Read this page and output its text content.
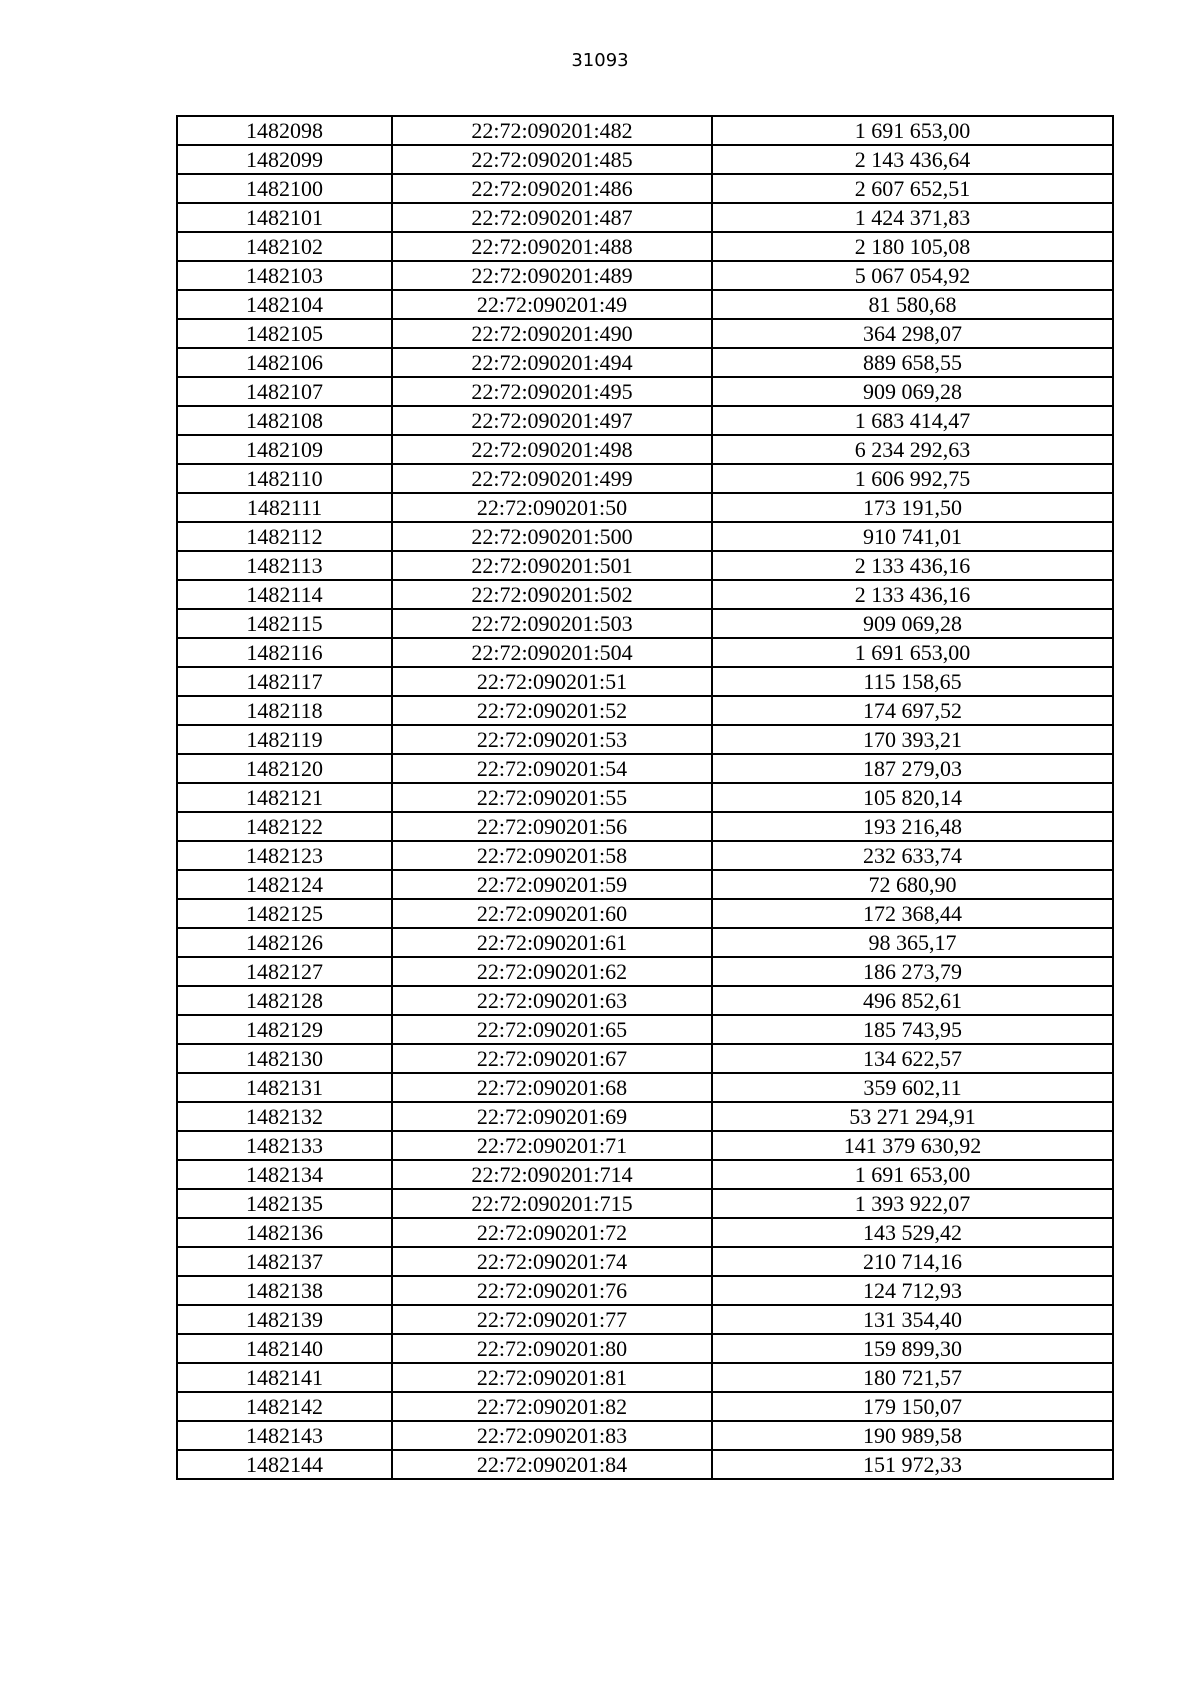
31093
1482098	22:72:090201:482	1 691 653,00
1482099	22:72:090201:485	2 143 436,64
1482100	22:72:090201:486	2 607 652,51
1482101	22:72:090201:487	1 424 371,83
1482102	22:72:090201:488	2 180 105,08
1482103	22:72:090201:489	5 067 054,92
1482104	22:72:090201:49	81 580,68
1482105	22:72:090201:490	364 298,07
1482106	22:72:090201:494	889 658,55
1482107	22:72:090201:495	909 069,28
1482108	22:72:090201:497	1 683 414,47
1482109	22:72:090201:498	6 234 292,63
1482110	22:72:090201:499	1 606 992,75
1482111	22:72:090201:50	173 191,50
1482112	22:72:090201:500	910 741,01
1482113	22:72:090201:501	2 133 436,16
1482114	22:72:090201:502	2 133 436,16
1482115	22:72:090201:503	909 069,28
1482116	22:72:090201:504	1 691 653,00
1482117	22:72:090201:51	115 158,65
1482118	22:72:090201:52	174 697,52
1482119	22:72:090201:53	170 393,21
1482120	22:72:090201:54	187 279,03
1482121	22:72:090201:55	105 820,14
1482122	22:72:090201:56	193 216,48
1482123	22:72:090201:58	232 633,74
1482124	22:72:090201:59	72 680,90
1482125	22:72:090201:60	172 368,44
1482126	22:72:090201:61	98 365,17
1482127	22:72:090201:62	186 273,79
1482128	22:72:090201:63	496 852,61
1482129	22:72:090201:65	185 743,95
1482130	22:72:090201:67	134 622,57
1482131	22:72:090201:68	359 602,11
1482132	22:72:090201:69	53 271 294,91
1482133	22:72:090201:71	141 379 630,92
1482134	22:72:090201:714	1 691 653,00
1482135	22:72:090201:715	1 393 922,07
1482136	22:72:090201:72	143 529,42
1482137	22:72:090201:74	210 714,16
1482138	22:72:090201:76	124 712,93
1482139	22:72:090201:77	131 354,40
1482140	22:72:090201:80	159 899,30
1482141	22:72:090201:81	180 721,57
1482142	22:72:090201:82	179 150,07
1482143	22:72:090201:83	190 989,58
1482144	22:72:090201:84	151 972,33
